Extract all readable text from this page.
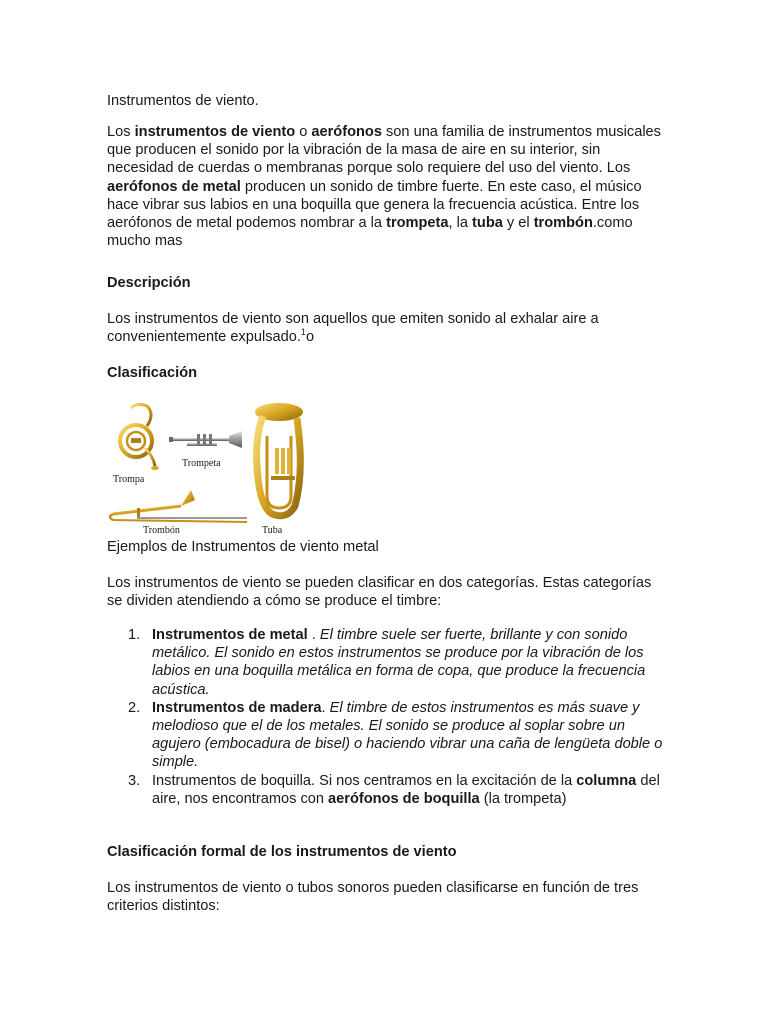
Instrumentos de viento.

Los instrumentos de viento o aerófonos son una familia de instrumentos musicales que producen el sonido por la vibración de la masa de aire en su interior, sin necesidad de cuerdas o membranas porque solo requiere del uso del viento. Los aerófonos de metal producen un sonido de timbre fuerte. En este caso, el músico hace vibrar sus labios en una boquilla que genera la frecuencia acústica. Entre los aerófonos de metal podemos nombrar a la trompeta, la tuba y el trombón.como mucho mas

Descripción

Los instrumentos de viento son aquellos que emiten sonido al exhalar aire a convenientemente expulsado.$^1$o

Clasificación

Trompa
Trompeta
Tuba
Trombón

Ejemplos de Instrumentos de viento metal

Los instrumentos de viento se pueden clasificar en dos categorías. Estas categorías se dividen atendiendo a cómo se produce el timbre:

1. Instrumentos de metal . El timbre suele ser fuerte, brillante y con sonido metálico. El sonido en estos instrumentos se produce por la vibración de los labios en una boquilla metálica en forma de copa, que produce la frecuencia acústica.
2. Instrumentos de madera. El timbre de estos instrumentos es más suave y melodioso que el de los metales. El sonido se produce al soplar sobre un agujero (embocadura de bisel) o haciendo vibrar una caña de lengüeta doble o simple.
3. Instrumentos de boquilla. Si nos centramos en la excitación de la columna del aire, nos encontramos con aerófonos de boquilla (la trompeta)

Clasificación formal de los instrumentos de viento

Los instrumentos de viento o tubos sonoros pueden clasificarse en función de tres criterios distintos:
